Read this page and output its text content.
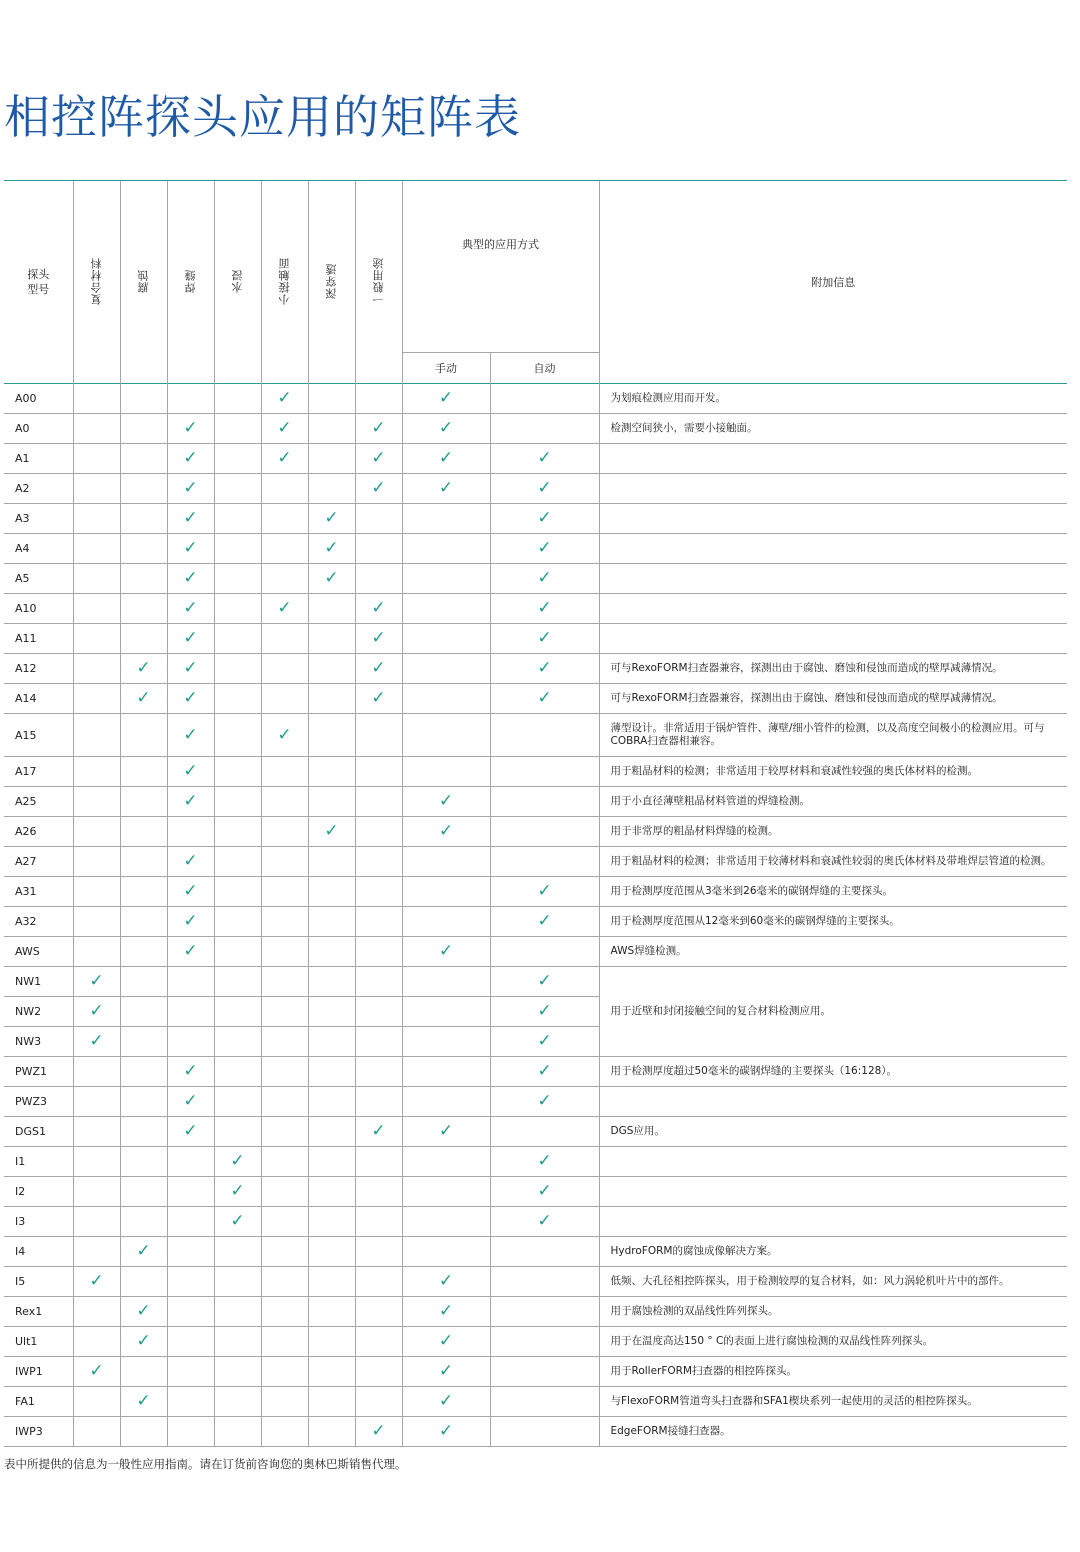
相控阵探头应用的矩阵表
探头
型号	复合材料	腐蚀	焊缝	水浸	小接触面	深穿透	一般用途	典型的应用方式		附加信息
								手动	自动	
A00					✓			✓		为划痕检测应用而开发。
A0			✓		✓		✓	✓		检测空间狭小，需要小接触面。
A1			✓		✓		✓	✓	✓	
A2			✓				✓	✓	✓	
A3			✓			✓			✓	
A4			✓			✓			✓	
A5			✓			✓			✓	
A10			✓		✓		✓		✓	
A11			✓				✓		✓	
A12		✓	✓				✓		✓	可与RexoFORM扫查器兼容，探测出由于腐蚀、磨蚀和侵蚀而造成的壁厚减薄情况。
A14		✓	✓				✓		✓	可与RexoFORM扫查器兼容，探测出由于腐蚀、磨蚀和侵蚀而造成的壁厚减薄情况。
A15			✓		✓					薄型设计。非常适用于锅炉管件、薄壁/细小管件的检测，以及高度空间极小的检测应用。可与COBRA扫查器相兼容。
A17			✓							用于粗晶材料的检测；非常适用于较厚材料和衰减性较强的奥氏体材料的检测。
A25			✓					✓		用于小直径薄壁粗晶材料管道的焊缝检测。
A26						✓		✓		用于非常厚的粗晶材料焊缝的检测。
A27			✓							用于粗晶材料的检测；非常适用于较薄材料和衰减性较弱的奥氏体材料及带堆焊层管道的检测。
A31			✓						✓	用于检测厚度范围从3毫米到26毫米的碳钢焊缝的主要探头。
A32			✓						✓	用于检测厚度范围从12毫米到60毫米的碳钢焊缝的主要探头。
AWS			✓					✓		AWS焊缝检测。
NW1	✓								✓	用于近壁和封闭接触空间的复合材料检测应用。
NW2	✓								✓	
NW3	✓								✓	
PWZ1			✓						✓	用于检测厚度超过50毫米的碳钢焊缝的主要探头（16:128）。
PWZ3			✓						✓	
DGS1			✓				✓	✓		DGS应用。
I1				✓					✓	
I2				✓					✓	
I3				✓					✓	
I4		✓								HydroFORM的腐蚀成像解决方案。
I5	✓							✓		低频、大孔径相控阵探头，用于检测较厚的复合材料，如：风力涡轮机叶片中的部件。
Rex1		✓						✓		用于腐蚀检测的双晶线性阵列探头。
Ult1		✓						✓		用于在温度高达150 ° C的表面上进行腐蚀检测的双晶线性阵列探头。
IWP1	✓							✓		用于RollerFORM扫查器的相控阵探头。
FA1		✓						✓		与FlexoFORM管道弯头扫查器和SFA1楔块系列一起使用的灵活的相控阵探头。
IWP3							✓	✓		EdgeFORM接缝扫查器。

表中所提供的信息为一般性应用指南。请在订货前咨询您的奥林巴斯销售代理。
